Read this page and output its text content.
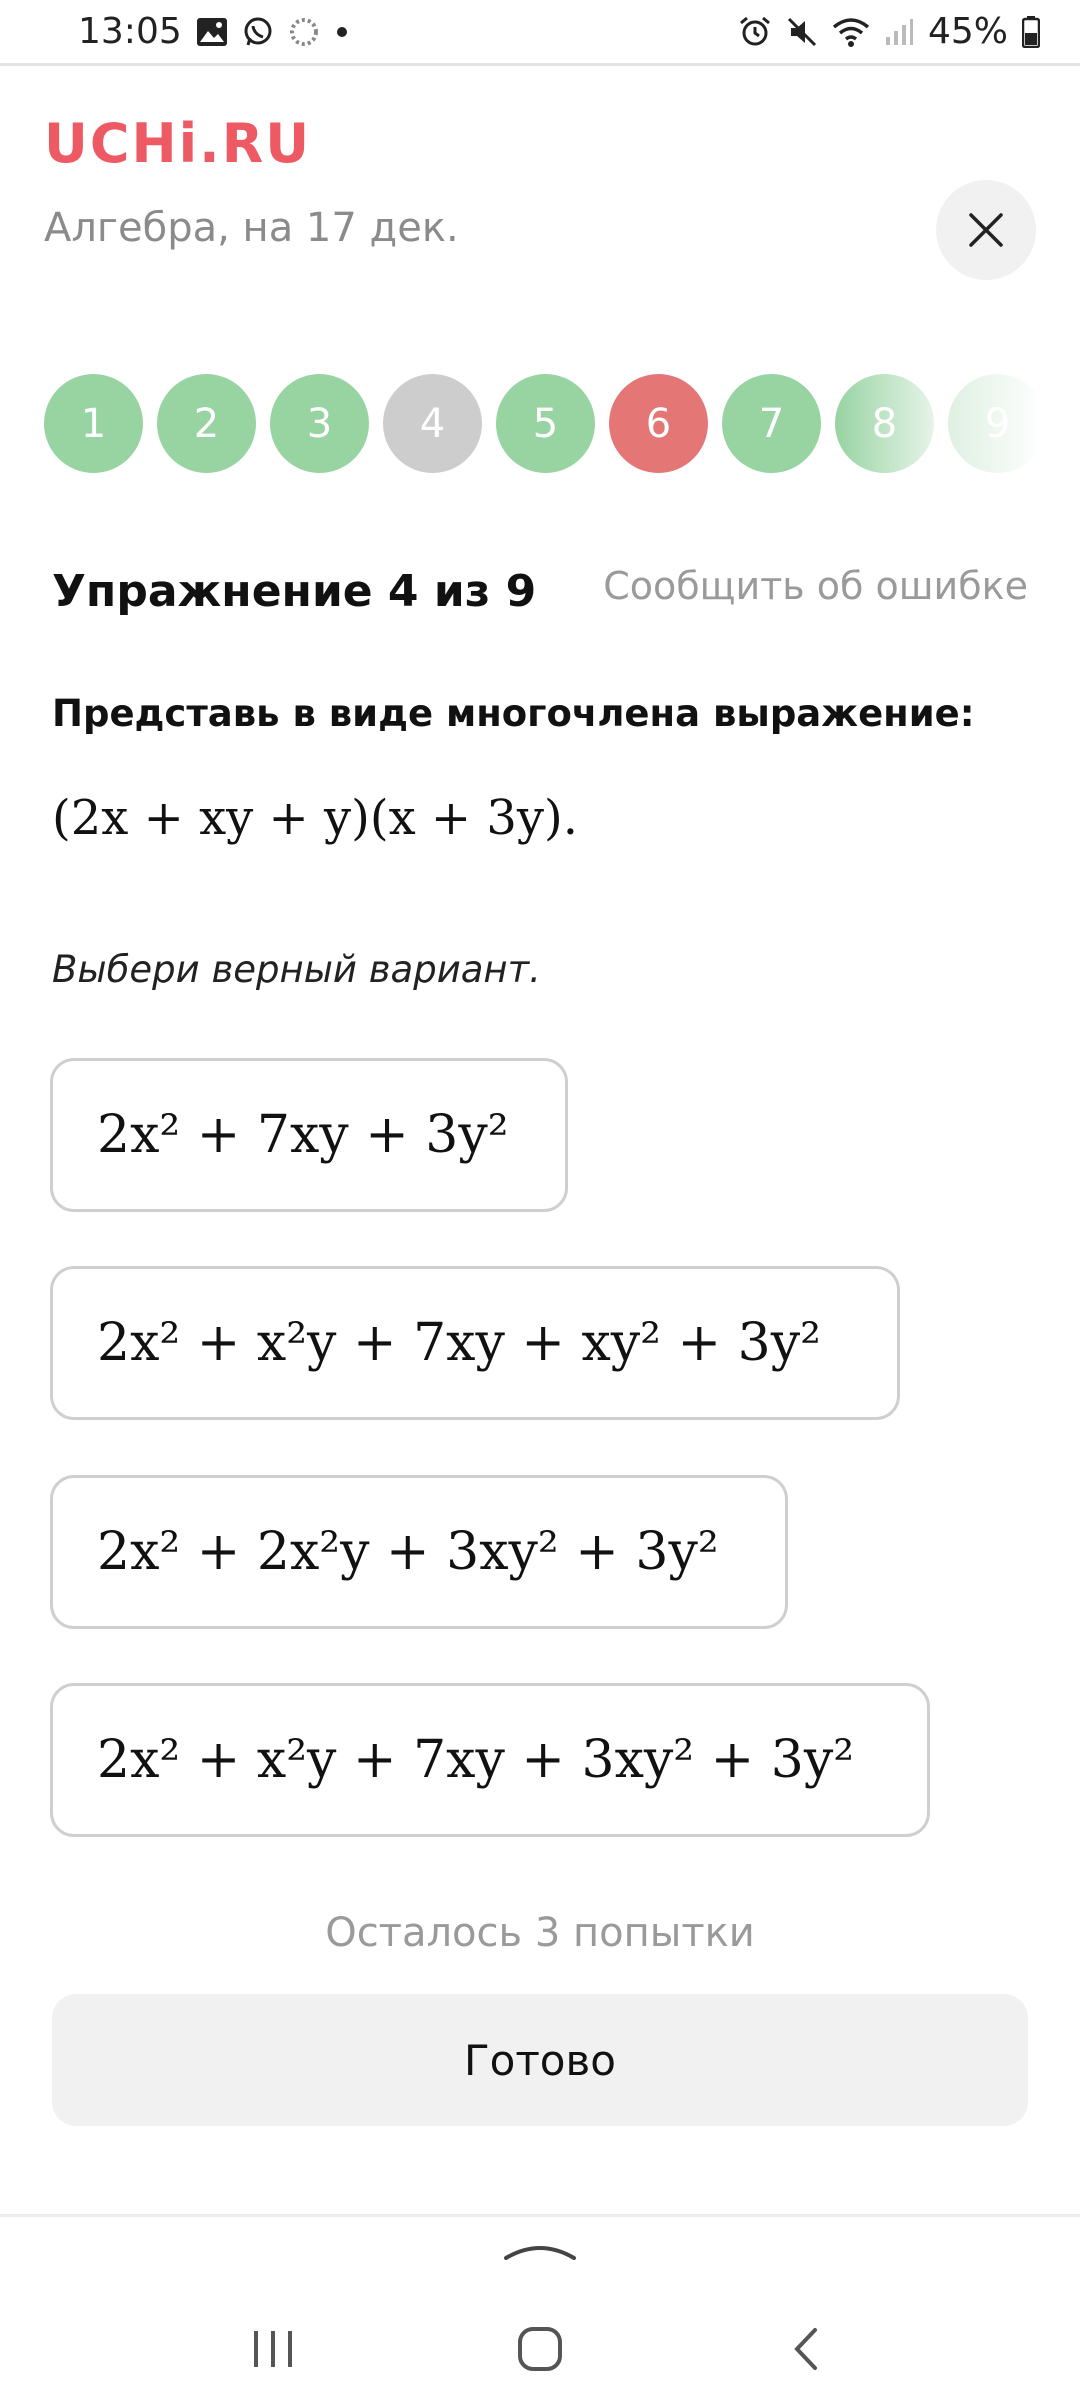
13:05	45%
UCHi.RU
Алгебра, на 17 дек.
1	2	3	4	5	6	7	8	9
Упражнение 4 из 9 Сообщить об ошибке
Представь в виде многочлена выражение:
(2x + xy + y)(x + 3y).
Выбери верный вариант.
2x² + 7xy + 3y²
2x² + x²y + 7xy + xy² + 3y²
2x² + 2x²y + 3xy² + 3y²
2x² + x²y + 7xy + 3xy² + 3y²
Осталось 3 попытки
Готово
